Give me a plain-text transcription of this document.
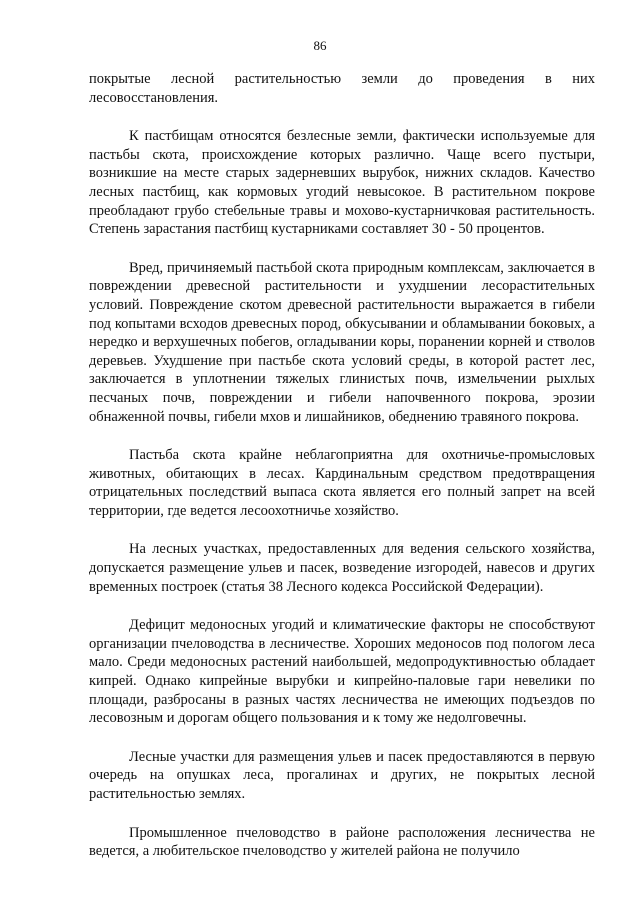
86

покрытые лесной растительностью земли до проведения в них лесовосстановления.

К пастбищам относятся безлесные земли, фактически используемые для пастьбы скота, происхождение которых различно. Чаще всего пустыри, возникшие на месте старых задерневших вырубок, нижних складов. Качество лесных пастбищ, как кормовых угодий невысокое. В растительном покрове преобладают грубо стебельные травы и мохово-кустарничковая растительность. Степень зарастания пастбищ кустарниками составляет 30 - 50 процентов.

Вред, причиняемый пастьбой скота природным комплексам, заключается в повреждении древесной растительности и ухудшении лесорастительных условий. Повреждение скотом древесной растительности выражается в гибели под копытами всходов древесных пород, обкусывании и обламывании боковых, а нередко и верхушечных побегов, огладывании коры, поранении корней и стволов деревьев. Ухудшение при пастьбе скота условий среды, в которой растет лес, заключается в уплотнении тяжелых глинистых почв, измельчении рыхлых песчаных почв, повреждении и гибели напочвенного покрова, эрозии обнаженной почвы, гибели мхов и лишайников, обеднению травяного покрова.

Пастьба скота крайне неблагоприятна для охотничье-промысловых животных, обитающих в лесах. Кардинальным средством предотвращения отрицательных последствий выпаса скота является его полный запрет на всей территории, где ведется лесоохотничье хозяйство.

На лесных участках, предоставленных для ведения сельского хозяйства, допускается размещение ульев и пасек, возведение изгородей, навесов и других временных построек (статья 38 Лесного кодекса Российской Федерации).

Дефицит медоносных угодий и климатические факторы не способствуют организации пчеловодства в лесничестве. Хороших медоносов под пологом леса мало. Среди медоносных растений наибольшей, медопродуктивностью обладает кипрей. Однако кипрейные вырубки и кипрейно-паловые гари невелики по площади, разбросаны в разных частях лесничества не имеющих подъездов по лесовозным и дорогам общего пользования и к тому же недолговечны.

Лесные участки для размещения ульев и пасек предоставляются в первую очередь на опушках леса, прогалинах и других, не покрытых лесной растительностью землях.

Промышленное пчеловодство в районе расположения лесничества не ведется, а любительское пчеловодство у жителей района не получило
